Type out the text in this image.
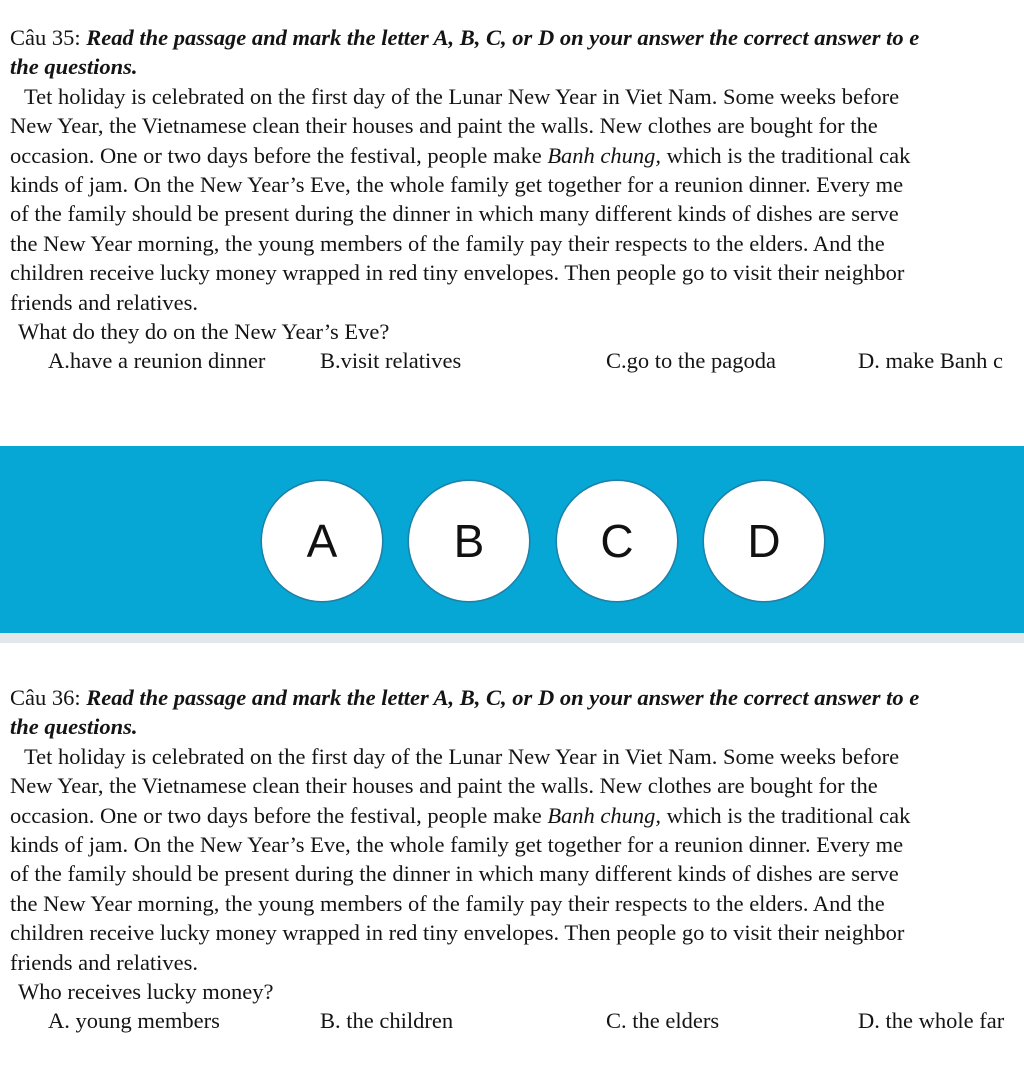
Câu 35: Read the passage and mark the letter A, B, C, or D on your answer the correct answer to e
the questions.
Tet holiday is celebrated on the first day of the Lunar New Year in Viet Nam. Some weeks before
New Year, the Vietnamese clean their houses and paint the walls. New clothes are bought for the
occasion. One or two days before the festival, people make Banh chung, which is the traditional cak
kinds of jam. On the New Year’s Eve, the whole family get together for a reunion dinner. Every me
of the family should be present during the dinner in which many different kinds of dishes are serve
the New Year morning, the young members of the family pay their respects to the elders. And the
children receive lucky money wrapped in red tiny envelopes. Then people go to visit their neighbor
friends and relatives.
What do they do on the New Year’s Eve?
A.have a reunion dinner B.visit relatives	C.go to the pagoda	D. make Banh c
A	B	C	D
Câu 36: Read the passage and mark the letter A, B, C, or D on your answer the correct answer to e
the questions.
Tet holiday is celebrated on the first day of the Lunar New Year in Viet Nam. Some weeks before
New Year, the Vietnamese clean their houses and paint the walls. New clothes are bought for the
occasion. One or two days before the festival, people make Banh chung, which is the traditional cak
kinds of jam. On the New Year’s Eve, the whole family get together for a reunion dinner. Every me
of the family should be present during the dinner in which many different kinds of dishes are serve
the New Year morning, the young members of the family pay their respects to the elders. And the
children receive lucky money wrapped in red tiny envelopes. Then people go to visit their neighbor
friends and relatives.
Who receives lucky money?
A. young members	B. the children	C. the elders	D. the whole far
